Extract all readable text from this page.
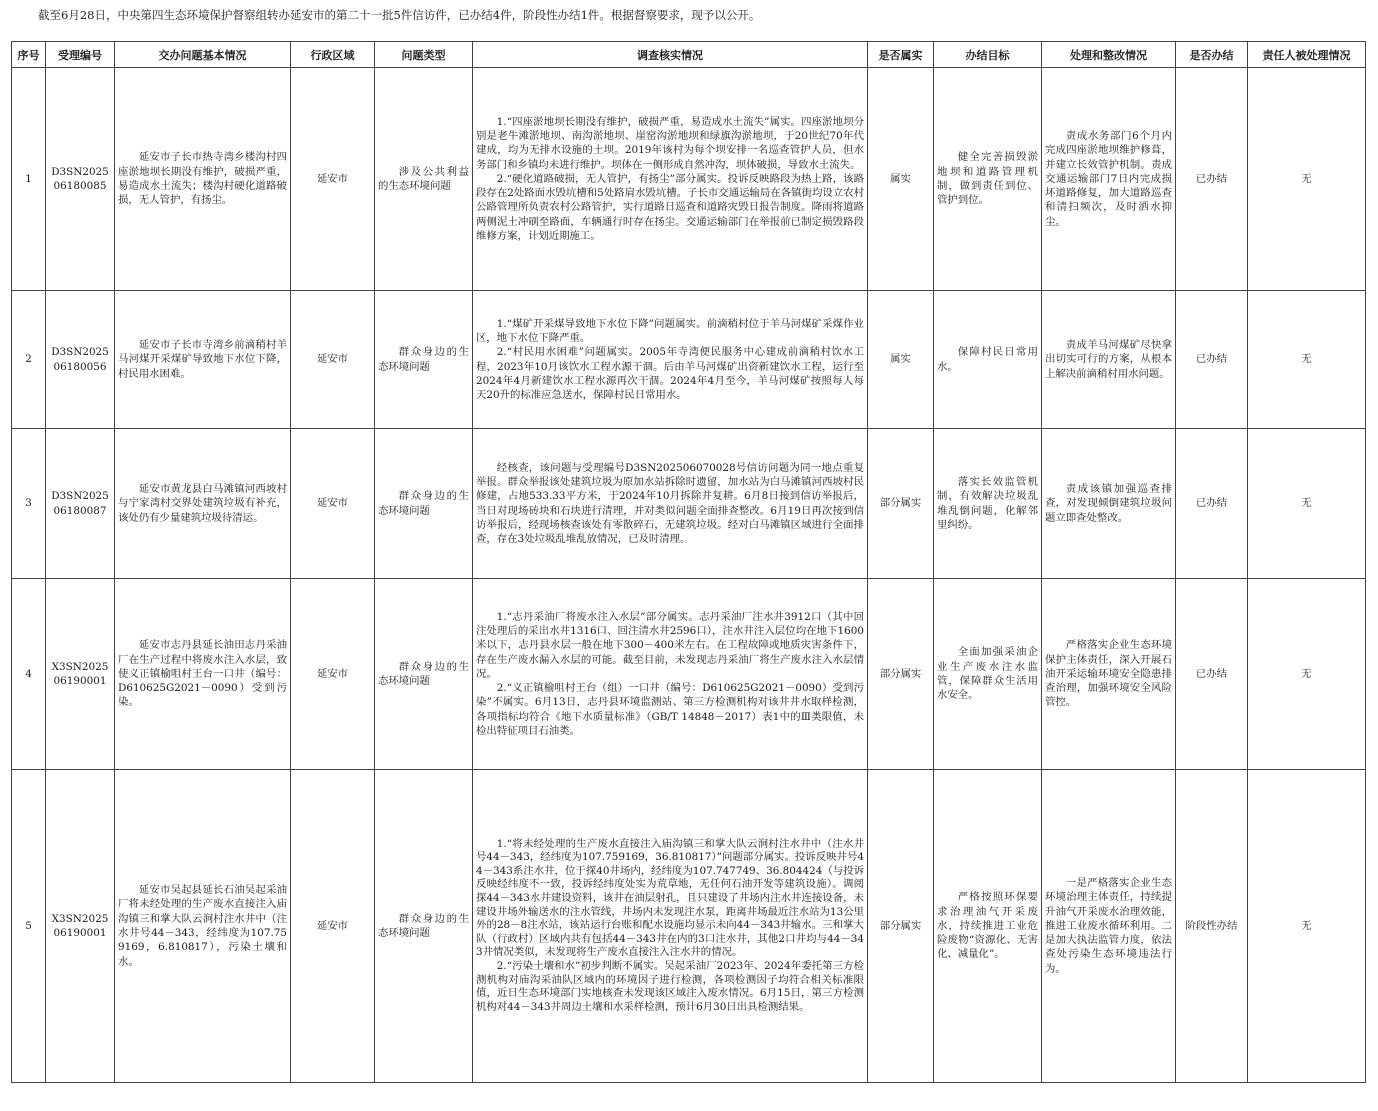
截至6月28日，中央第四生态环境保护督察组转办延安市的第二十一批5件信访件，已办结4件，阶段性办结1件。根据督察要求，现予以公开。
序号	受理编号	交办问题基本情况	行政区域	问题类型	调查核实情况	是否属实	办结目标	处理和整改情况	是否办结	责任人被处理情况
1	D3SN202506180085	延安市子长市热寺湾乡楼沟村四座淤地坝长期没有维护，破损严重，易造成水土流失；楼沟村硬化道路破损，无人管护，有扬尘。	延安市	涉及公共利益的生态环境问题	1.“四座淤地坝长期没有维护，破损严重，易造成水土流失”属实。四座淤地坝分别是老牛滩淤地坝、南沟淤地坝、崖窑沟淤地坝和绿旗沟淤地坝，于20世纪70年代建成，均为无排水设施的土坝。2019年该村为每个坝安排一名巡查管护人员，但水务部门和乡镇均未进行维护。坝体在一侧形成自然冲沟，坝体破损，导致水土流失。
2.“硬化道路破损，无人管护，有扬尘”部分属实。投诉反映路段为热上路，该路段存在2处路面水毁坑槽和5处路肩水毁坑槽。子长市交通运输局在各镇街均设立农村公路管理所负责农村公路管护，实行道路日巡查和道路灾毁日报告制度。降雨将道路两侧泥土冲刷至路面，车辆通行时存在扬尘。交通运输部门在举报前已制定损毁路段维修方案，计划近期施工。	属实	健全完善损毁淤地坝和道路管理机制，做到责任到位、管护到位。	责成水务部门6个月内完成四座淤地坝维护修葺，并建立长效管护机制。责成交通运输部门7日内完成损坏道路修复，加大道路巡查和清扫频次，及时洒水抑尘。	已办结	无
2	D3SN202506180056	延安市子长市寺湾乡前滴稍村羊马河煤开采煤矿导致地下水位下降，村民用水困难。	延安市	群众身边的生态环境问题	1.“煤矿开采煤导致地下水位下降”问题属实。前滴稍村位于羊马河煤矿采煤作业区，地下水位下降严重。
2.“村民用水困难”问题属实。2005年寺湾便民服务中心建成前滴稍村饮水工程，2023年10月该饮水工程水源干涸。后由羊马河煤矿出资新建饮水工程，运行至2024年4月新建饮水工程水源再次干涸。2024年4月至今，羊马河煤矿按照每人每天20升的标准应急送水，保障村民日常用水。	属实	保障村民日常用水。	责成羊马河煤矿尽快拿出切实可行的方案，从根本上解决前滴稍村用水问题。	已办结	无
3	D3SN202506180087	延安市黄龙县白马滩镇河西坡村与宁家湾村交界处建筑垃圾有补充，该处仍有少量建筑垃圾待清运。	延安市	群众身边的生态环境问题	经核查，该问题与受理编号D3SN202506070028号信访问题为同一地点重复举报。群众举报该处建筑垃圾为原加水站拆除时遗留，加水站为白马滩镇河西坡村民修建，占地533.33平方米，于2024年10月拆除并复耕。6月8日接到信访举报后，当日对现场砖块和石块进行清理，并对类似问题全面排查整改。6月19日再次接到信访举报后，经现场核查该处有零散碎石，无建筑垃圾。经对白马滩镇区域进行全面排查，存在3处垃圾乱堆乱放情况，已及时清理。	部分属实	落实长效监管机制，有效解决垃圾乱堆乱倒问题，化解邻里纠纷。	责成该镇加强巡查排查，对发现倾倒建筑垃圾问题立即查处整改。	已办结	无
4	X3SN202506190001	延安市志丹县延长油田志丹采油厂在生产过程中将废水注入水层，致使义正镇榆咀村王台一口井（编号：D610625G2021－0090）受到污染。	延安市	群众身边的生态环境问题	1.“志丹采油厂将废水注入水层”部分属实。志丹采油厂注水井3912口（其中回注处理后的采出水井1316口、回注清水井2596口），注水井注入层位均在地下1600米以下，志丹县水层一般在地下300－400米左右。在工程故障或地质灾害条件下，存在生产废水漏入水层的可能。截至目前，未发现志丹采油厂将生产废水注入水层情况。
2.“义正镇榆咀村王台（组）一口井（编号：D610625G2021－0090）受到污染”不属实。6月13日，志丹县环境监测站、第三方检测机构对该井井水取样检测，各项指标均符合《地下水质量标准》（GB/T 14848－2017）表1中的Ⅲ类限值，未检出特征项目石油类。	部分属实	全面加强采油企业生产废水注水监管，保障群众生活用水安全。	严格落实企业生态环境保护主体责任，深入开展石油开采运输环境安全隐患排查治理，加强环境安全风险管控。	已办结	无
5	X3SN202506190001	延安市吴起县延长石油吴起采油厂将未经处理的生产废水直接注入庙沟镇三和掌大队云涧村注水井中（注水井号44－343，经纬度为107.759169，6.810817），污染土壤和水。	延安市	群众身边的生态环境问题	1.“将未经处理的生产废水直接注入庙沟镇三和掌大队云涧村注水井中（注水井号44－343，经纬度为107.759169，36.810817）”问题部分属实。投诉反映井号44－343系注水井，位于探40井场内，经纬度为107.747749、36.804424（与投诉反映经纬度不一致，投诉经纬度处实为荒草地，无任何石油开发等建筑设施）。调阅探44－343水井建设资料，该井在油层射孔，且只建设了井场内注水井连接设备，未建设井场外输送水的注水管线，井场内未发现注水泵，距离井场最近注水站为13公里外的28－8注水站，该站运行台账和配水设施均显示未向44－343井输水。三和掌大队（行政村）区域内共有包括44－343井在内的3口注水井，其他2口井均与44－343井情况类似，未发现将生产废水直接注入注水井的情况。
2.“污染土壤和水”初步判断不属实。吴起采油厂2023年、2024年委托第三方检测机构对庙沟采油队区域内的环境因子进行检测，各项检测因子均符合相关标准限值，近日生态环境部门实地核查未发现该区域注入废水情况。6月15日，第三方检测机构对44－343井周边土壤和水采样检测，预计6月30日出具检测结果。	部分属实	严格按照环保要求治理油气开采废水，持续推进工业危险废物“资源化、无害化、减量化”。	一是严格落实企业生态环境治理主体责任，持续提升油气开采废水治理效能，推进工业废水循环利用。二是加大执法监管力度，依法查处污染生态环境违法行为。	阶段性办结	无
